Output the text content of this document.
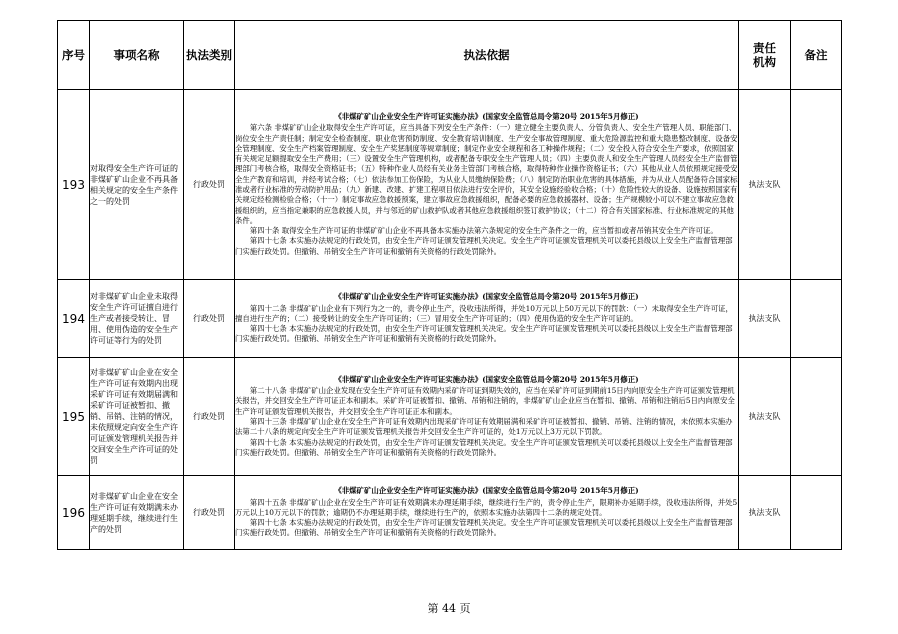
序号	事项名称	执法类别	执法依据	责任机构	备注
193	对取得安全生产许可证的非煤矿矿山企业不再具备相关规定的安全生产条件之一的处罚	行政处罚	《非煤矿矿山企业安全生产许可证实施办法》(国家安全监管总局令第20号 2015年5月修正)

第六条 非煤矿矿山企业取得安全生产许可证，应当具备下列安全生产条件：（一）建立健全主要负责人、分管负责人、安全生产管理人员、职能部门、岗位安全生产责任制；制定安全检查制度、职业危害预防制度、安全教育培训制度、生产安全事故管理制度、重大危险源监控和重大隐患整改制度、设备安全管理制度、安全生产档案管理制度、安全生产奖惩制度等规章制度；制定作业安全规程和各工种操作规程；（二）安全投入符合安全生产要求，依照国家有关规定足额提取安全生产费用；（三）设置安全生产管理机构，或者配备专职安全生产管理人员；（四）主要负责人和安全生产管理人员经安全生产监督管理部门考核合格，取得安全资格证书；（五）特种作业人员经有关业务主管部门考核合格，取得特种作业操作资格证书；（六）其他从业人员依照规定接受安全生产教育和培训，并经考试合格；（七）依法参加工伤保险，为从业人员缴纳保险费；（八）制定防治职业危害的具体措施，并为从业人员配备符合国家标准或者行业标准的劳动防护用品；（九）新建、改建、扩建工程项目依法进行安全评价，其安全设施经验收合格；（十）危险性较大的设备、设施按照国家有关规定经检测检验合格；（十一）制定事故应急救援预案，建立事故应急救援组织，配备必要的应急救援器材、设备；生产规模较小可以不建立事故应急救援组织的，应当指定兼职的应急救援人员，并与邻近的矿山救护队或者其他应急救援组织签订救护协议；（十二）符合有关国家标准、行业标准规定的其他条件。

第四十条 取得安全生产许可证的非煤矿矿山企业不再具备本实施办法第六条规定的安全生产条件之一的，应当暂扣或者吊销其安全生产许可证。

第四十七条 本实施办法规定的行政处罚，由安全生产许可证颁发管理机关决定。安全生产许可证颁发管理机关可以委托县级以上安全生产监督管理部门实施行政处罚。但撤销、吊销安全生产许可证和撤销有关资格的行政处罚除外。	执法支队	
194	对非煤矿矿山企业未取得安全生产许可证擅自进行生产或者接受转让、冒用、使用伪造的安全生产许可证等行为的处罚	行政处罚	《非煤矿矿山企业安全生产许可证实施办法》(国家安全监管总局令第20号 2015年5月修正)

第四十二条 非煤矿矿山企业有下列行为之一的，责令停止生产，没收违法所得，并处10万元以上50万元以下的罚款：（一）未取得安全生产许可证，擅自进行生产的；（二）接受转让的安全生产许可证的；（三）冒用安全生产许可证的；（四）使用伪造的安全生产许可证的。

第四十七条 本实施办法规定的行政处罚，由安全生产许可证颁发管理机关决定。安全生产许可证颁发管理机关可以委托县级以上安全生产监督管理部门实施行政处罚。但撤销、吊销安全生产许可证和撤销有关资格的行政处罚除外。	执法支队	
195	对非煤矿矿山企业在安全生产许可证有效期内出现采矿许可证有效期届满和采矿许可证被暂扣、撤销、吊销、注销的情况，未依照规定向安全生产许可证颁发管理机关报告并交回安全生产许可证的处罚	行政处罚	《非煤矿矿山企业安全生产许可证实施办法》(国家安全监管总局令第20号 2015年5月修正)

第二十八条 非煤矿矿山企业发现在安全生产许可证有效期内采矿许可证到期失效的，应当在采矿许可证到期前15日内向原安全生产许可证颁发管理机关报告，并交回安全生产许可证正本和副本。采矿许可证被暂扣、撤销、吊销和注销的，非煤矿矿山企业应当在暂扣、撤销、吊销和注销后5日内向原安全生产许可证颁发管理机关报告，并交回安全生产许可证正本和副本。

第四十三条 非煤矿矿山企业在安全生产许可证有效期内出现采矿许可证有效期届满和采矿许可证被暂扣、撤销、吊销、注销的情况，未依照本实施办法第二十八条的规定向安全生产许可证颁发管理机关报告并交回安全生产许可证的，处1万元以上3万元以下罚款。

第四十七条 本实施办法规定的行政处罚，由安全生产许可证颁发管理机关决定。安全生产许可证颁发管理机关可以委托县级以上安全生产监督管理部门实施行政处罚。但撤销、吊销安全生产许可证和撤销有关资格的行政处罚除外。	执法支队	
196	对非煤矿矿山企业在安全生产许可证有效期满未办理延期手续，继续进行生产的处罚	行政处罚	《非煤矿矿山企业安全生产许可证实施办法》(国家安全监管总局令第20号 2015年5月修正)

第四十五条 非煤矿矿山企业在安全生产许可证有效期满未办理延期手续，继续进行生产的，责令停止生产，限期补办延期手续，没收违法所得，并处5万元以上10万元以下的罚款；逾期仍不办理延期手续，继续进行生产的，依照本实施办法第四十二条的规定处罚。

第四十七条 本实施办法规定的行政处罚，由安全生产许可证颁发管理机关决定。安全生产许可证颁发管理机关可以委托县级以上安全生产监督管理部门实施行政处罚。但撤销、吊销安全生产许可证和撤销有关资格的行政处罚除外。	执法支队	
第 44 页
